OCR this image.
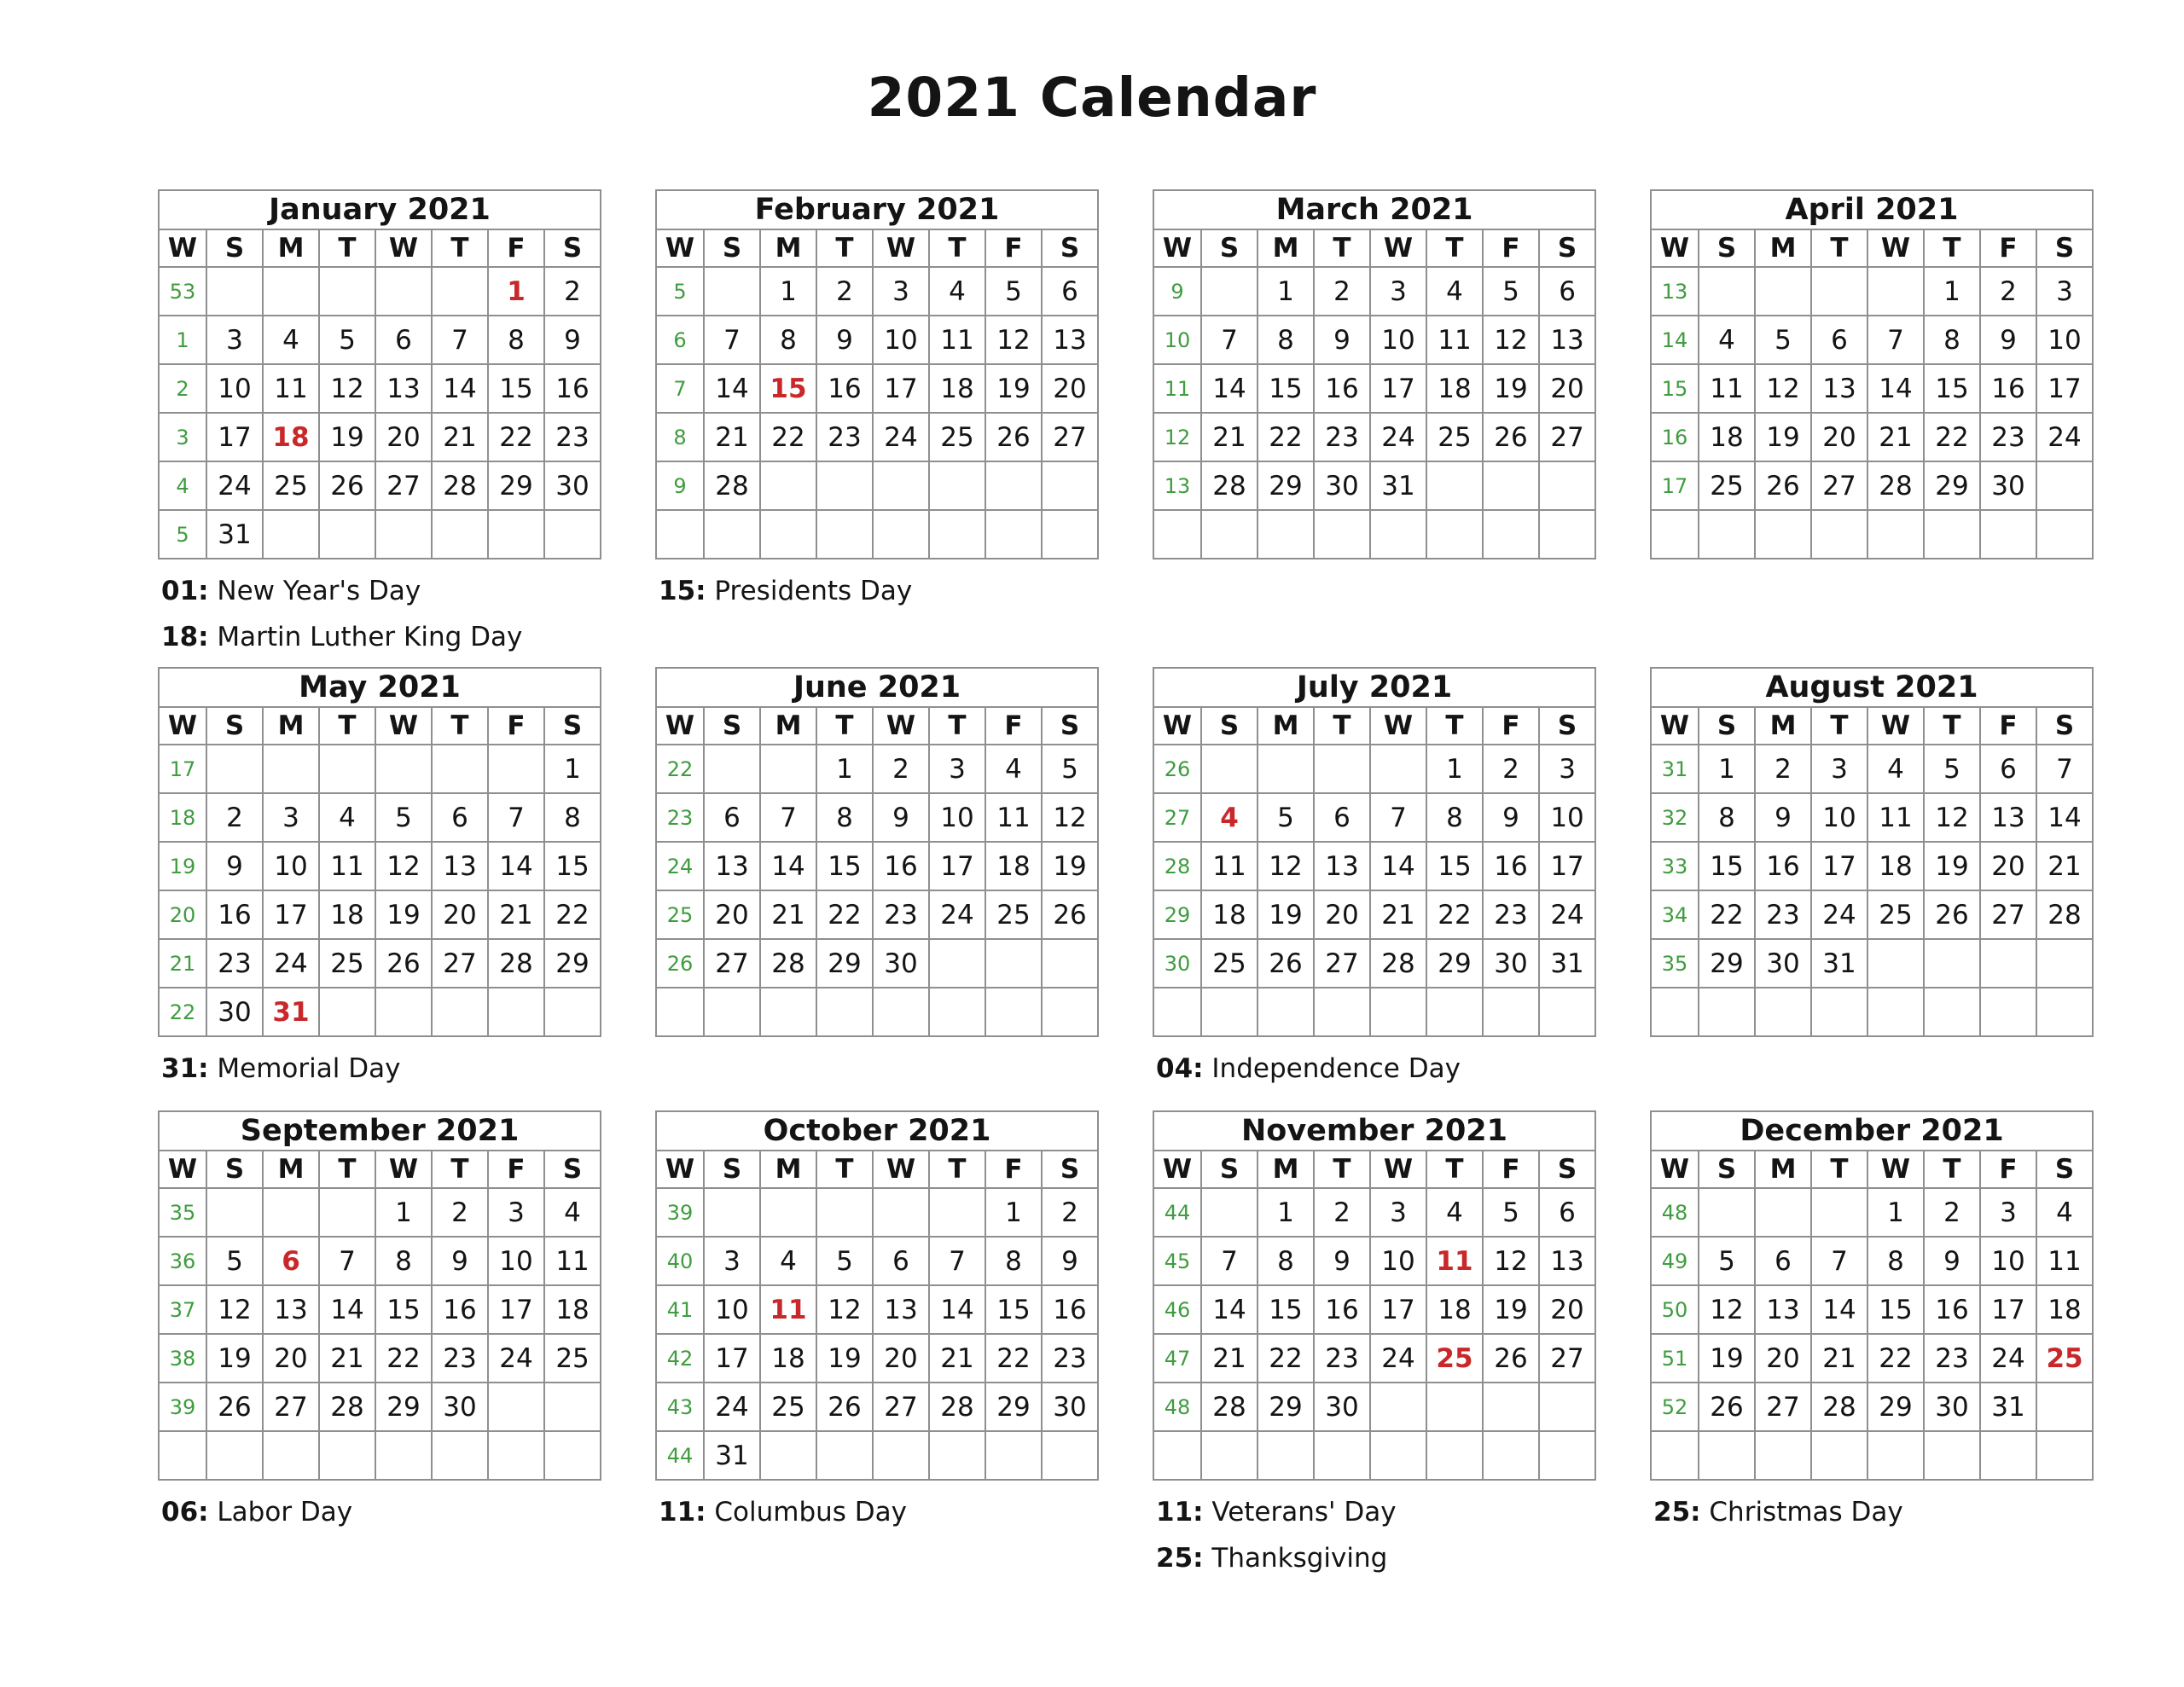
2021 Calendar
January 2021							
W	S	M	T	W	T	F	S
53						1	2
1	3	4	5	6	7	8	9
2	10	11	12	13	14	15	16
3	17	18	19	20	21	22	23
4	24	25	26	27	28	29	30
5	31						
01: New Year's Day
18: Martin Luther King Day
February 2021							
W	S	M	T	W	T	F	S
5		1	2	3	4	5	6
6	7	8	9	10	11	12	13
7	14	15	16	17	18	19	20
8	21	22	23	24	25	26	27
9	28						

15: Presidents Day
March 2021							
W	S	M	T	W	T	F	S
9		1	2	3	4	5	6
10	7	8	9	10	11	12	13
11	14	15	16	17	18	19	20
12	21	22	23	24	25	26	27
13	28	29	30	31			

April 2021							
W	S	M	T	W	T	F	S
13					1	2	3
14	4	5	6	7	8	9	10
15	11	12	13	14	15	16	17
16	18	19	20	21	22	23	24
17	25	26	27	28	29	30	

May 2021							
W	S	M	T	W	T	F	S
17							1
18	2	3	4	5	6	7	8
19	9	10	11	12	13	14	15
20	16	17	18	19	20	21	22
21	23	24	25	26	27	28	29
22	30	31					
31: Memorial Day
June 2021							
W	S	M	T	W	T	F	S
22			1	2	3	4	5
23	6	7	8	9	10	11	12
24	13	14	15	16	17	18	19
25	20	21	22	23	24	25	26
26	27	28	29	30			

July 2021							
W	S	M	T	W	T	F	S
26					1	2	3
27	4	5	6	7	8	9	10
28	11	12	13	14	15	16	17
29	18	19	20	21	22	23	24
30	25	26	27	28	29	30	31

04: Independence Day
August 2021							
W	S	M	T	W	T	F	S
31	1	2	3	4	5	6	7
32	8	9	10	11	12	13	14
33	15	16	17	18	19	20	21
34	22	23	24	25	26	27	28
35	29	30	31				

September 2021							
W	S	M	T	W	T	F	S
35				1	2	3	4
36	5	6	7	8	9	10	11
37	12	13	14	15	16	17	18
38	19	20	21	22	23	24	25
39	26	27	28	29	30		

06: Labor Day
October 2021							
W	S	M	T	W	T	F	S
39						1	2
40	3	4	5	6	7	8	9
41	10	11	12	13	14	15	16
42	17	18	19	20	21	22	23
43	24	25	26	27	28	29	30
44	31						
11: Columbus Day
November 2021							
W	S	M	T	W	T	F	S
44		1	2	3	4	5	6
45	7	8	9	10	11	12	13
46	14	15	16	17	18	19	20
47	21	22	23	24	25	26	27
48	28	29	30				

11: Veterans' Day
25: Thanksgiving
December 2021							
W	S	M	T	W	T	F	S
48				1	2	3	4
49	5	6	7	8	9	10	11
50	12	13	14	15	16	17	18
51	19	20	21	22	23	24	25
52	26	27	28	29	30	31	

25: Christmas Day
